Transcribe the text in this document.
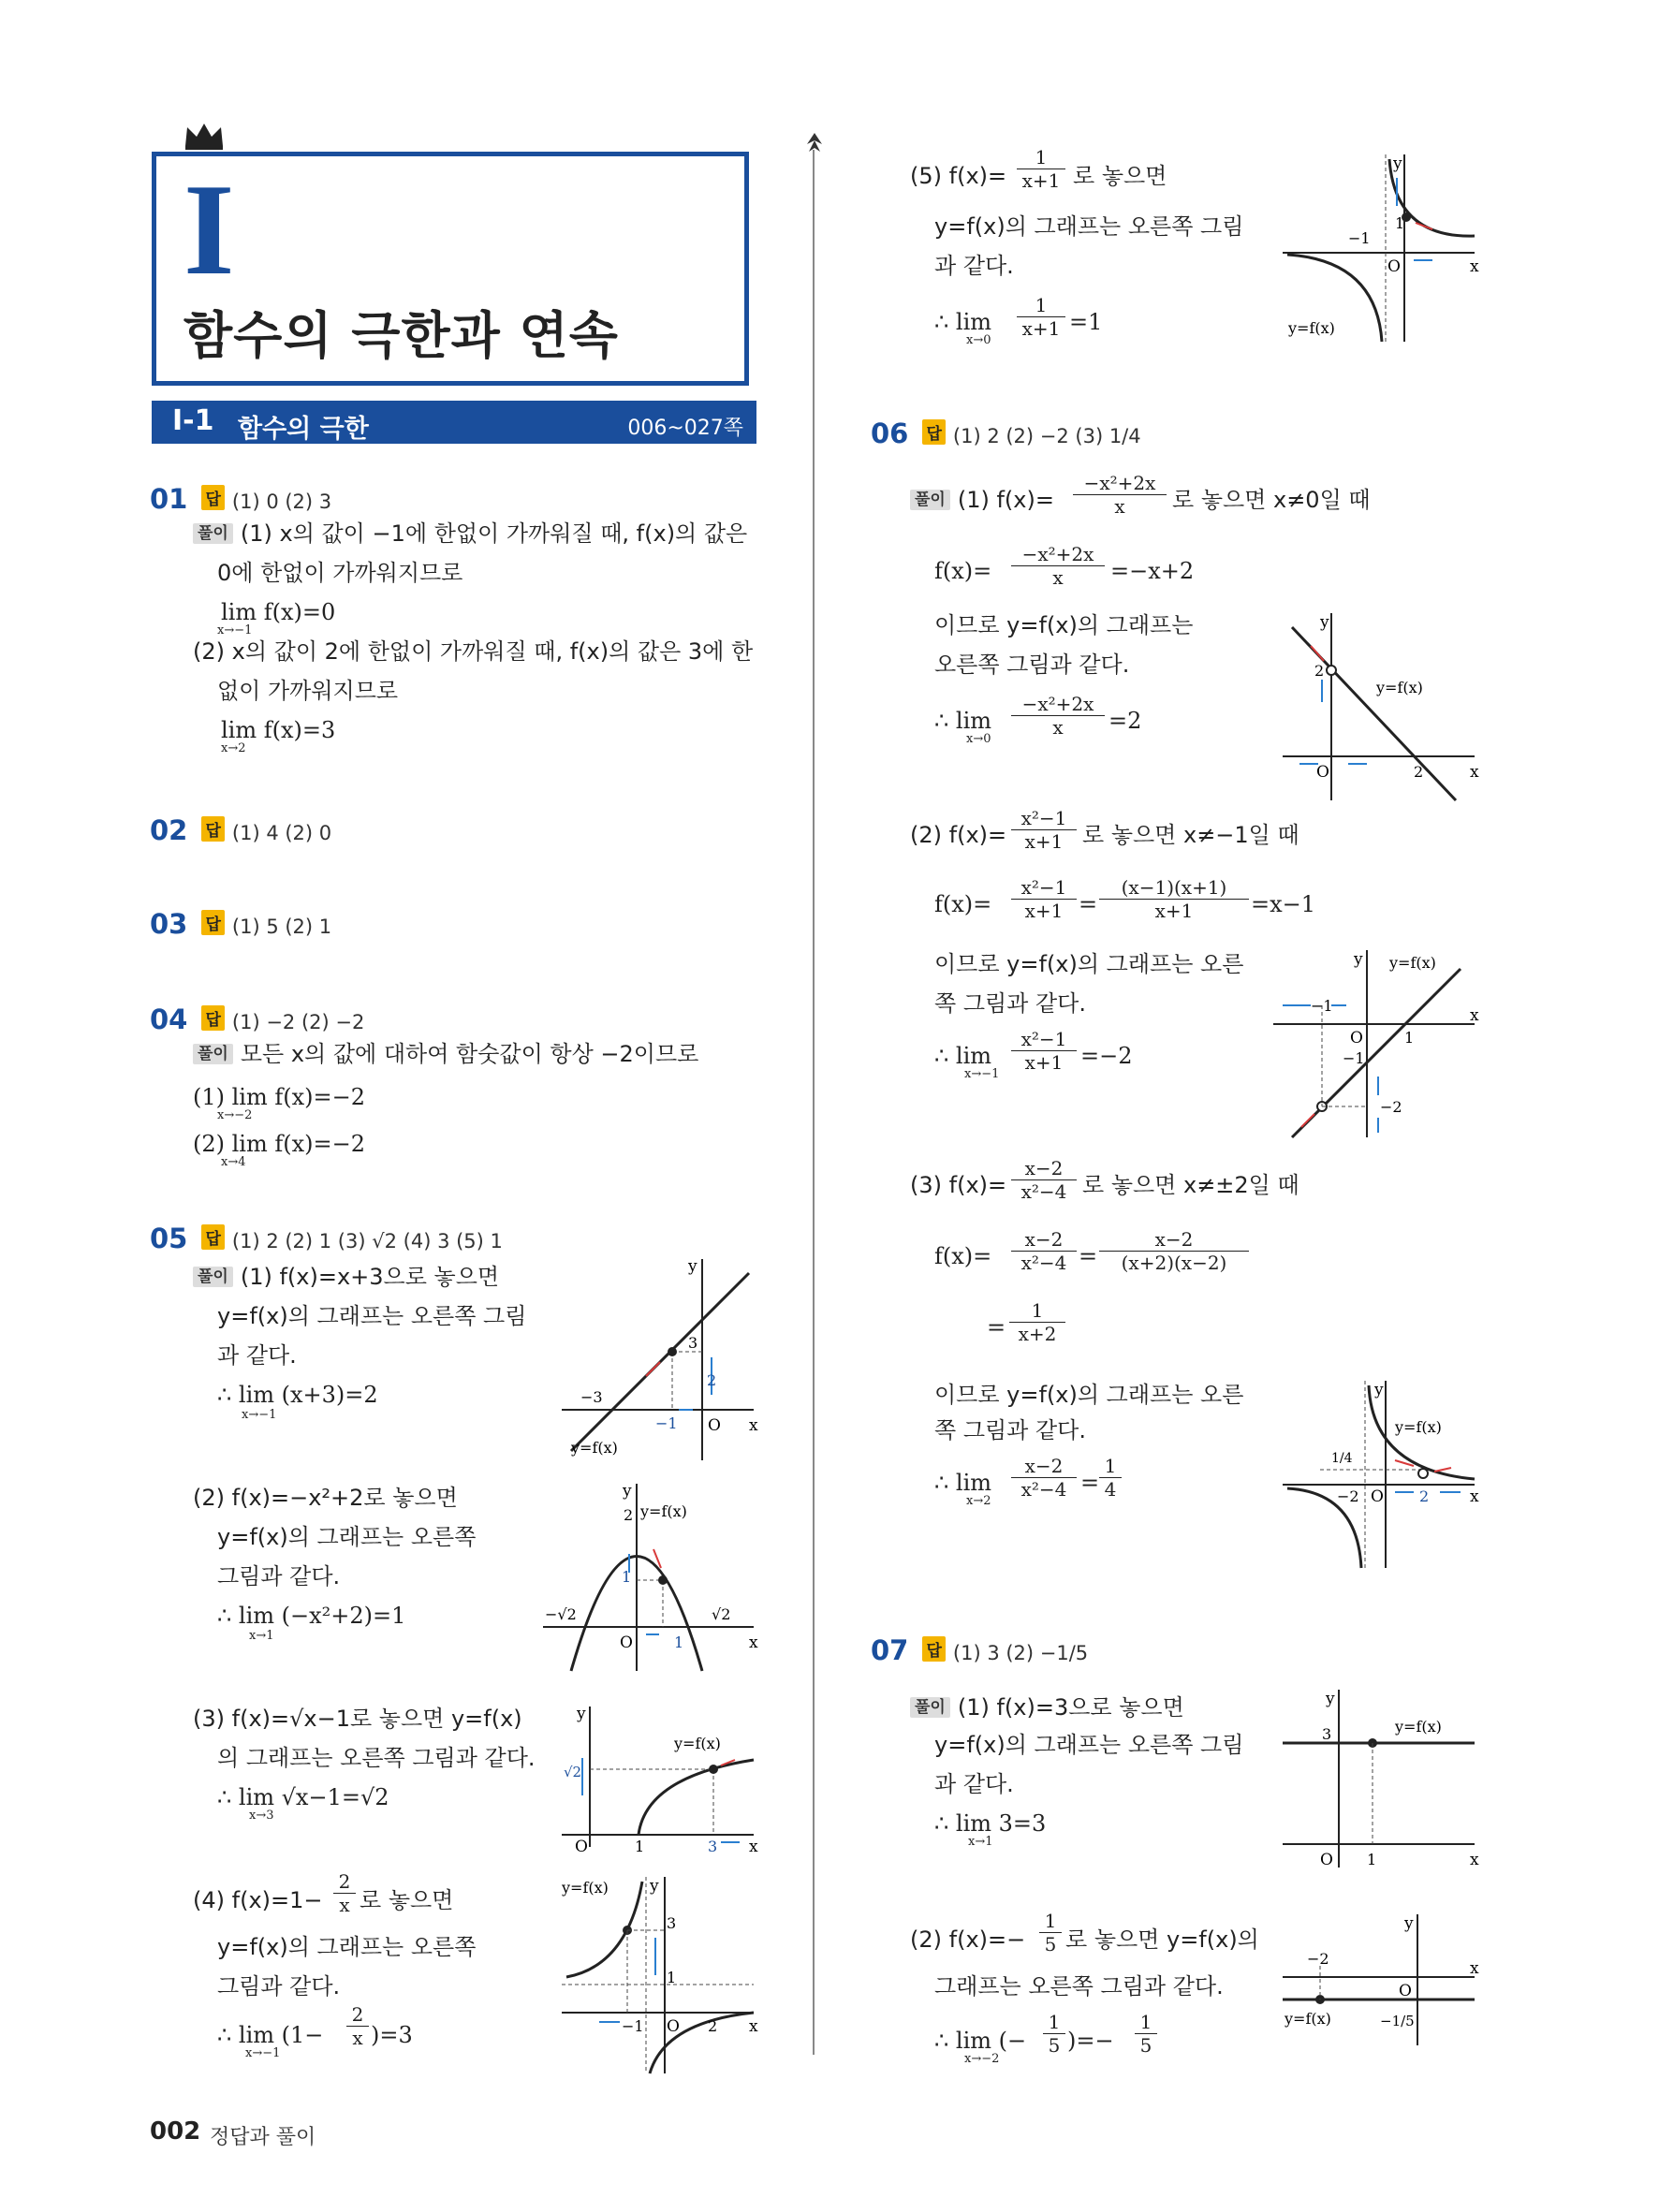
I
함수의 극한과 연속
Ⅰ-1 함수의 극한	006~027쪽
01 답 (1) 0 (2) 3
풀이 (1) x의 값이 −1에 한없이 가까워질 때, f(x)의 값은
0에 한없이 가까워지므로
lim f(x)=0
x→−1
(2) x의 값이 2에 한없이 가까워질 때, f(x)의 값은 3에 한
없이 가까워지므로
lim f(x)=3
x→2
02 답 (1) 4 (2) 0
03 답 (1) 5 (2) 1
04 답 (1) −2 (2) −2
풀이 모든 x의 값에 대하여 함숫값이 항상 −2이므로
(1) lim f(x)=−2
x→−2
(2) lim f(x)=−2
x→4
05 답 (1) 2 (2) 1 (3) √2 (4) 3 (5) 1
풀이 (1) f(x)=x+3으로 놓으면
y=f(x)의 그래프는 오른쪽 그림
과 같다.
∴ lim (x+3)=2
x→−1
x
y
O
3
2
−3
−1
y=f(x)
(2) f(x)=−x²+2로 놓으면
y=f(x)의 그래프는 오른쪽
그림과 같다.
∴ lim (−x²+2)=1
x→1	x
y
O
y=f(x)
2
1
−√2	√2
1
(3) f(x)=√x−1로 놓으면 y=f(x)
의 그래프는 오른쪽 그림과 같다.
∴ lim √x−1=√2
x→3
x
y
O
y=f(x)
√2
1	3
(4) $f(x)=1- \frac{2}{x}$ 로 놓으면
y=f(x)의 그래프는 오른쪽
그림과 같다.
∴ $\lim (1- \frac{2}{x} )=3$
x→−1
x
y
O
y=f(x)
3
1
−1	2
(5) $f(x)= \frac{1}{x+1}$ 로 놓으면
y=f(x)의 그래프는 오른쪽 그림
과 같다.
∴ $\lim \frac{1}{x+1} =1$
x→0
x
y
O
1
−1
y=f(x)
06 답 (1) 2 (2) −2 (3) 1/4
풀이 (1) $f(x)= \frac{\text{−x²+2x}}{x}$ 로 놓으면 x≠0일 때
$f(x)= \frac{\text{−x²+2x}}{x} =-x+2$
이므로 y=f(x)의 그래프는
오른쪽 그림과 같다.
∴ $\lim \frac{\text{−x²+2x}}{x} =2$
x→0
x
y
O
y=f(x)
2
2
(2) $f(x)= \frac{\text{x²−1}}{x+1}$ 로 놓으면 x≠−1일 때
$f(x)= \frac{\text{x²−1}}{x+1} = \frac{(x-1)(x+1)}{x+1} =x-1$
이므로 y=f(x)의 그래프는 오른
쪽 그림과 같다.
∴ $\lim \frac{\text{x²−1}}{x+1} =-2$
x→−1
x
y
O
y=f(x)
−1
1
−1
−2
(3) $f(x)= \frac{x-2}{\text{x²−4}}$ 로 놓으면 x≠±2일 때
$f(x)= \frac{x-2}{\text{x²−4}} = \frac{x-2}{(x+2)(x-2)}$
= $\frac{1}{x+2}$
이므로 y=f(x)의 그래프는 오른
쪽 그림과 같다.
∴ $\lim \frac{x-2}{\text{x²−4}} = \frac{1}{4}$
x→2	x
y
O
y=f(x)
1/4
−2	2
07 답 (1) 3 (2) −1/5
풀이 (1) f(x)=3으로 놓으면
y=f(x)의 그래프는 오른쪽 그림
과 같다.
∴ lim 3=3
x→1
x
y
O
y=f(x)
3
1
(2) $f(x)=- \frac{1}{5}$ 로 놓으면 y=f(x)의
그래프는 오른쪽 그림과 같다.
∴ lim (− $\frac{1}{5}$ )=− $\frac{1}{5}$
x→−2
x
y
O
y=f(x)
−2
−1/5
002 정답과 풀이
